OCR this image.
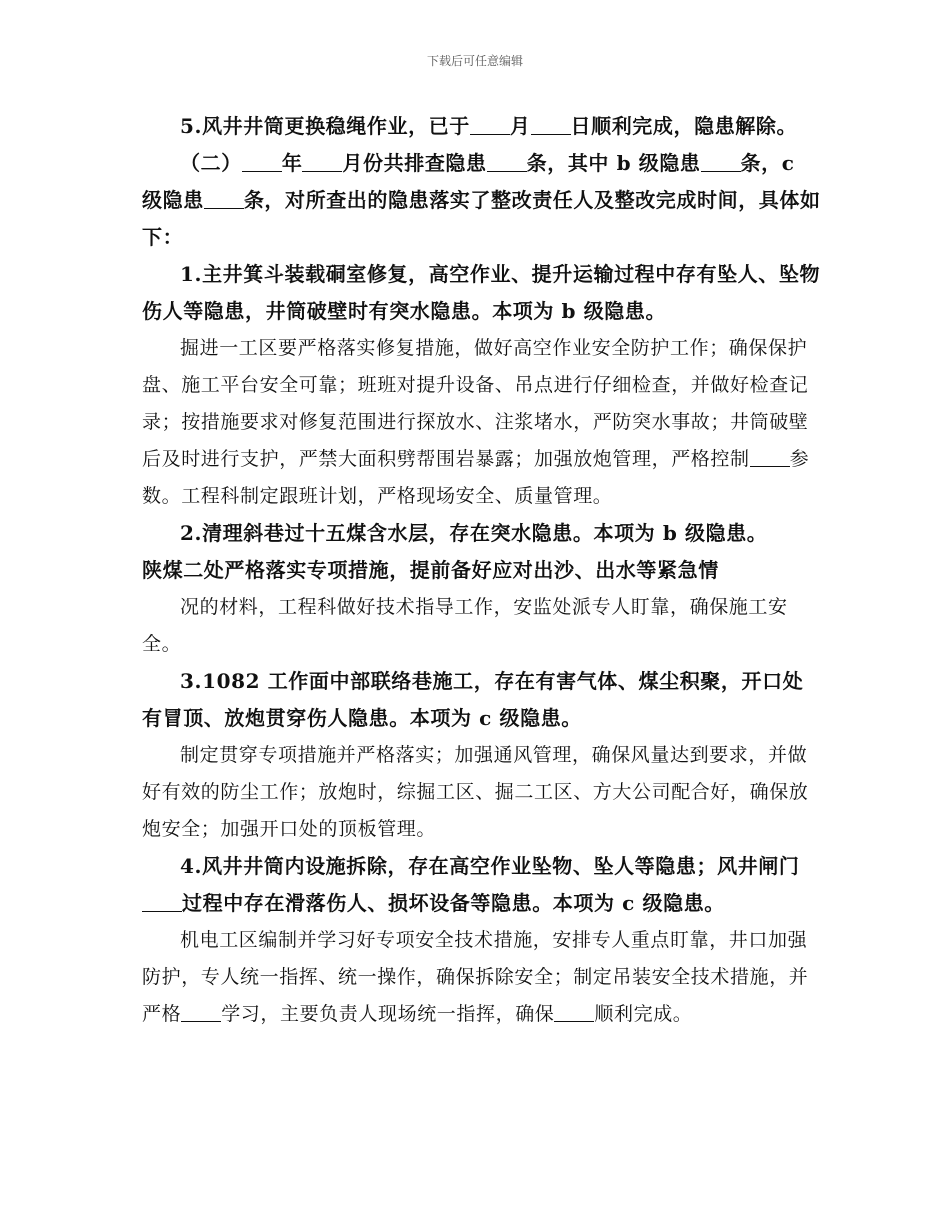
下载后可任意编辑

5.风井井筒更换稳绳作业，已于 月 日顺利完成，隐患解除。

（二） 年 月份共排查隐患 条，其中 b 级隐患 条，c 级隐患 条，对所查出的隐患落实了整改责任人及整改完成时间，具体如下：

1.主井箕斗装载硐室修复，高空作业、提升运输过程中存有坠人、坠物伤人等隐患，井筒破壁时有突水隐患。本项为 b 级隐患。

掘进一工区要严格落实修复措施，做好高空作业安全防护工作；确保保护盘、施工平台安全可靠；班班对提升设备、吊点进行仔细检查，并做好检查记录；按措施要求对修复范围进行探放水、注浆堵水，严防突水事故；井筒破壁后及时进行支护，严禁大面积劈帮围岩暴露；加强放炮管理，严格控制 参数。工程科制定跟班计划，严格现场安全、质量管理。

2.清理斜巷过十五煤含水层，存在突水隐患。本项为 b 级隐患。

陕煤二处严格落实专项措施，提前备好应对出沙、出水等紧急情

况的材料，工程科做好技术指导工作，安监处派专人盯靠，确保施工安全。

3.1082 工作面中部联络巷施工，存在有害气体、煤尘积聚，开口处有冒顶、放炮贯穿伤人隐患。本项为 c 级隐患。

制定贯穿专项措施并严格落实；加强通风管理，确保风量达到要求，并做好有效的防尘工作；放炮时，综掘工区、掘二工区、方大公司配合好，确保放炮安全；加强开口处的顶板管理。

4.风井井筒内设施拆除，存在高空作业坠物、坠人等隐患；风井闸门过程中存在滑落伤人、损坏设备等隐患。本项为 c 级隐患。

机电工区编制并学习好专项安全技术措施，安排专人重点盯靠，井口加强防护，专人统一指挥、统一操作，确保拆除安全；制定吊装安全技术措施，并严格 学习，主要负责人现场统一指挥，确保 顺利完成。
